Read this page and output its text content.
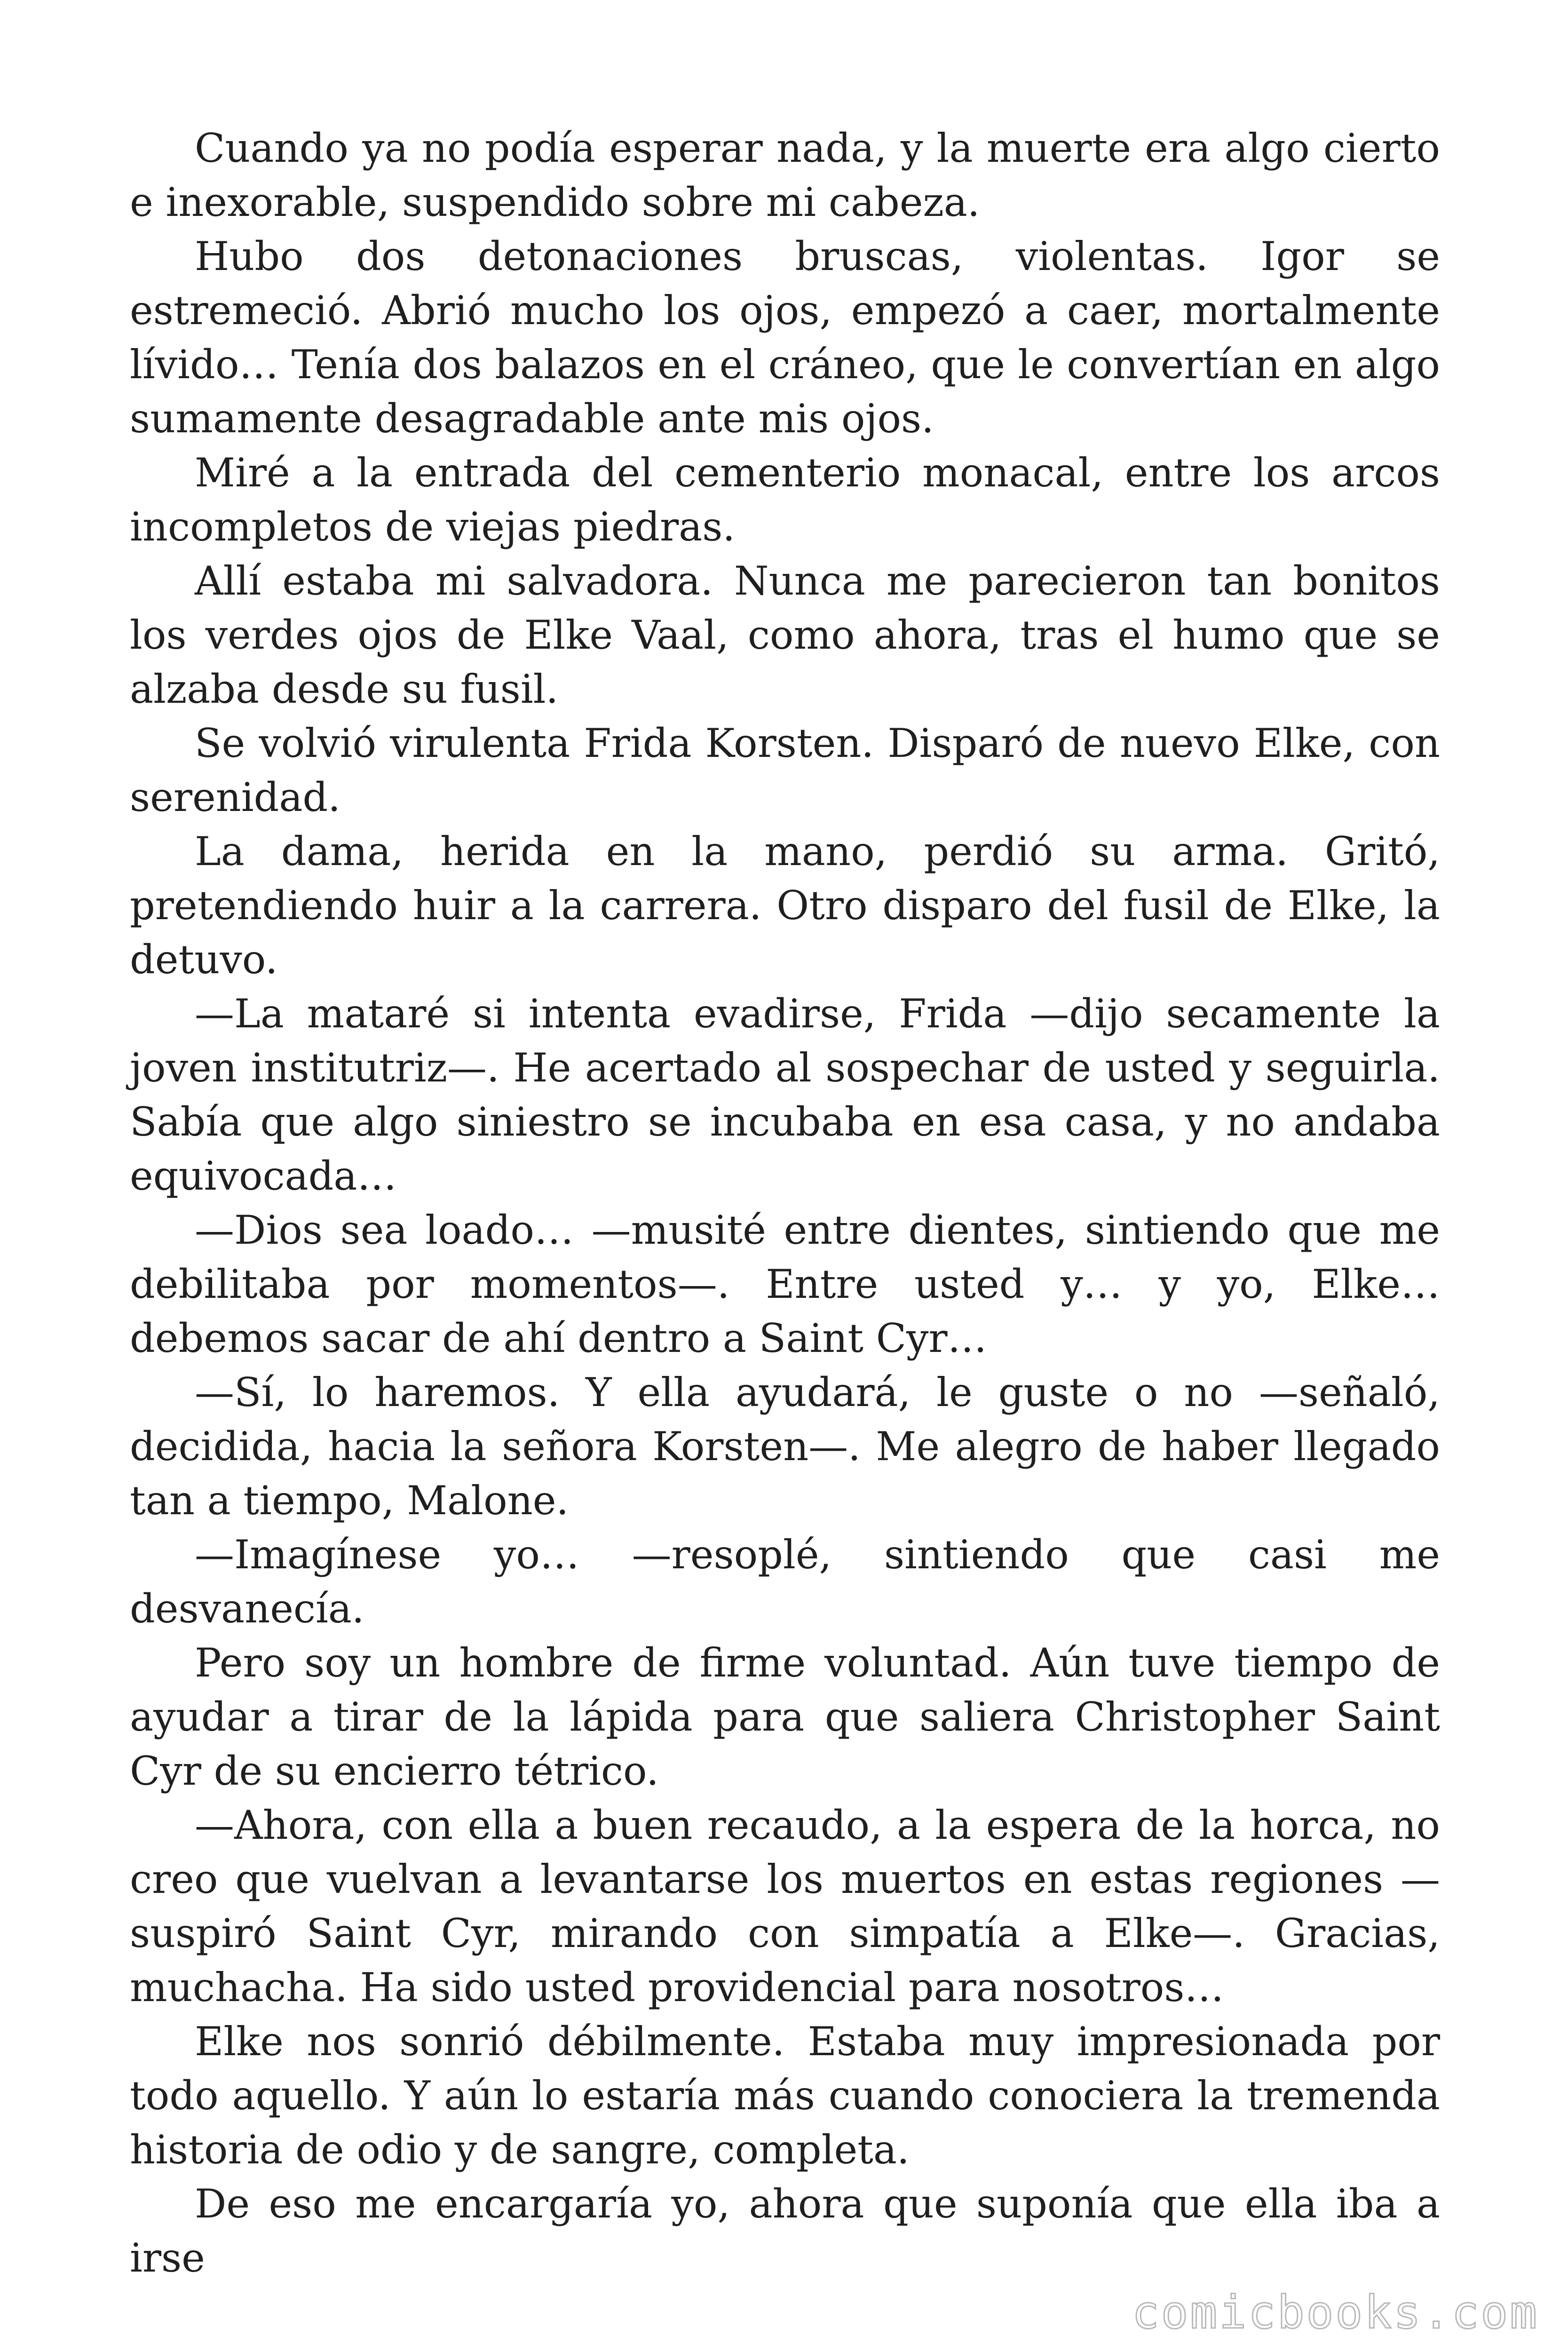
Cuando ya no podía esperar nada, y la muerte era algo cierto e inexorable, suspendido sobre mi cabeza.

Hubo dos detonaciones bruscas, violentas. Igor se estremeció. Abrió mucho los ojos, empezó a caer, mortalmente lívido… Tenía dos balazos en el cráneo, que le convertían en algo sumamente desagradable ante mis ojos.

Miré a la entrada del cementerio monacal, entre los arcos incompletos de viejas piedras.

Allí estaba mi salvadora. Nunca me parecieron tan bonitos los verdes ojos de Elke Vaal, como ahora, tras el humo que se alzaba desde su fusil.

Se volvió virulenta Frida Korsten. Disparó de nuevo Elke, con serenidad.

La dama, herida en la mano, perdió su arma. Gritó, pretendiendo huir a la carrera. Otro disparo del fusil de Elke, la detuvo.

—La mataré si intenta evadirse, Frida —dijo secamente la joven institutriz—. He acertado al sospechar de usted y seguirla. Sabía que algo siniestro se incubaba en esa casa, y no andaba equivocada…

—Dios sea loado… —musité entre dientes, sintiendo que me debilitaba por momentos—. Entre usted y… y yo, Elke… debemos sacar de ahí dentro a Saint Cyr…

—Sí, lo haremos. Y ella ayudará, le guste o no —señaló, decidida, hacia la señora Korsten—. Me alegro de haber llegado tan a tiempo, Malone.

—Imagínese yo… —resoplé, sintiendo que casi me desvanecía.

Pero soy un hombre de firme voluntad. Aún tuve tiempo de ayudar a tirar de la lápida para que saliera Christopher Saint Cyr de su encierro tétrico.

—Ahora, con ella a buen recaudo, a la espera de la horca, no creo que vuelvan a levantarse los muertos en estas regiones —suspiró Saint Cyr, mirando con simpatía a Elke—. Gracias, muchacha. Ha sido usted providencial para nosotros…

Elke nos sonrió débilmente. Estaba muy impresionada por todo aquello. Y aún lo estaría más cuando conociera la tremenda historia de odio y de sangre, completa.

De eso me encargaría yo, ahora que suponía que ella iba a irse

comicbooks.com
